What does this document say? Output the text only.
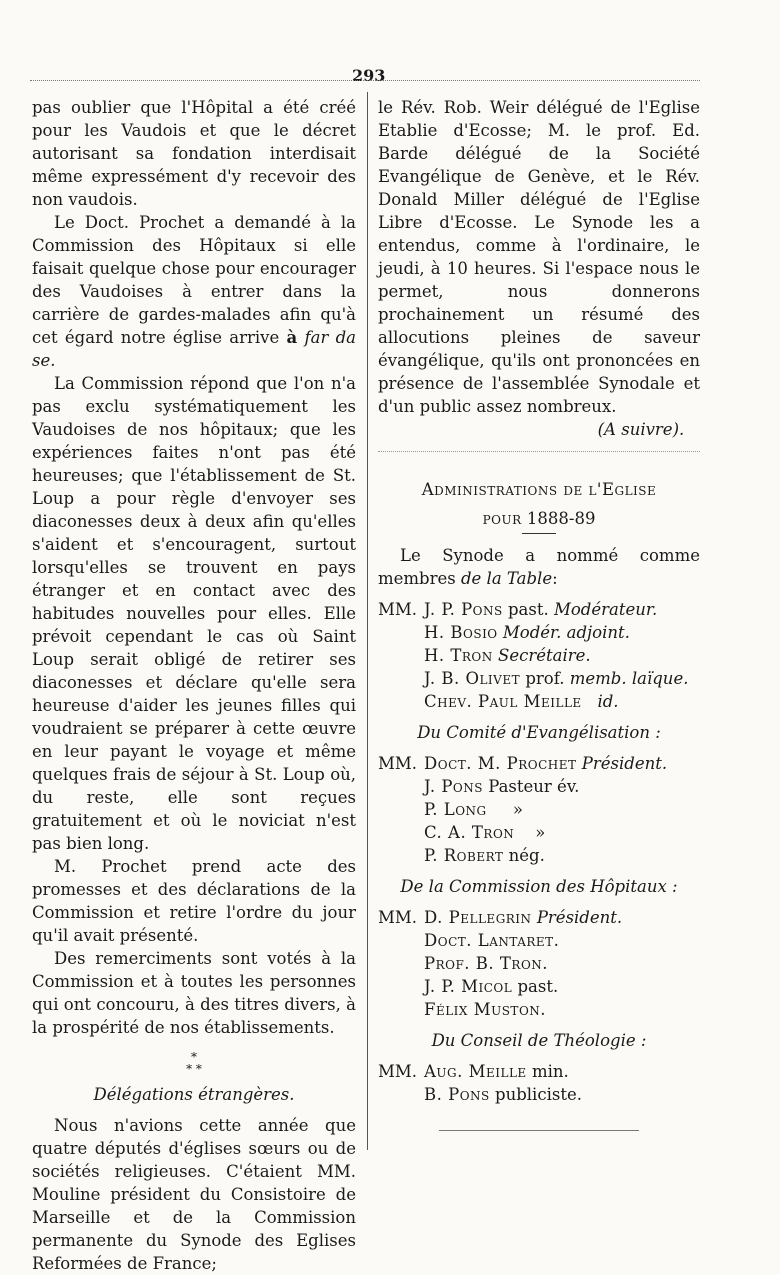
293

pas oublier que l'Hôpital a été créé pour les Vaudois et que le décret autorisant sa fondation interdisait même expressément d'y recevoir des non vaudois.

Le Doct. Prochet a demandé à la Commission des Hôpitaux si elle faisait quelque chose pour encourager des Vaudoises à entrer dans la carrière de gardes-malades afin qu'à cet égard notre église arrive à far da se.

La Commission répond que l'on n'a pas exclu systématiquement les Vaudoises de nos hôpitaux; que les expériences faites n'ont pas été heureuses; que l'établissement de St. Loup a pour règle d'envoyer ses diaconesses deux à deux afin qu'elles s'aident et s'encouragent, surtout lorsqu'elles se trouvent en pays étranger et en contact avec des habitudes nouvelles pour elles. Elle prévoit cependant le cas où Saint Loup serait obligé de retirer ses diaconesses et déclare qu'elle sera heureuse d'aider les jeunes filles qui voudraient se préparer à cette œuvre en leur payant le voyage et même quelques frais de séjour à St. Loup où, du reste, elle sont reçues gratuitement et où le noviciat n'est pas bien long.

M. Prochet prend acte des promesses et des déclarations de la Commission et retire l'ordre du jour qu'il avait présenté.

Des remerciments sont votés à la Commission et à toutes les personnes qui ont concouru, à des titres divers, à la prospérité de nos établissements.

*
* *

Délégations étrangères.

Nous n'avions cette année que quatre députés d'églises sœurs ou de sociétés religieuses. C'étaient MM. Mouline président du Consistoire de Marseille et de la Commission permanente du Synode des Eglises Reformées de France;

le Rév. Rob. Weir délégué de l'Eglise Etablie d'Ecosse; M. le prof. Ed. Barde délégué de la Société Evangélique de Genève, et le Rév. Donald Miller délégué de l'Eglise Libre d'Ecosse. Le Synode les a entendus, comme à l'ordinaire, le jeudi, à 10 heures. Si l'espace nous le permet, nous donnerons prochainement un résumé des allocutions pleines de saveur évangélique, qu'ils ont prononcées en présence de l'assemblée Synodale et d'un public assez nombreux.

(A suivre).

Administrations de l'Eglise

pour 1888-89

Le Synode a nommé comme membres de la Table:

MM. J. P. Pons past. Modérateur.
H. Bosio Modér. adjoint.
H. Tron Secrétaire.
J. B. Olivet prof. memb. laïque.
Chev. Paul Meille id.

Du Comité d'Evangélisation :

MM. Doct. M. Prochet Président.
J. Pons Pasteur év.
P. Long     »
C. A. Tron    »
P. Robert nég.

De la Commission des Hôpitaux :

MM. D. Pellegrin Président.
Doct. Lantaret.
Prof. B. Tron.
J. P. Micol past.
Félix Muston.

Du Conseil de Théologie :

MM. Aug. Meille min.
B. Pons publiciste.
